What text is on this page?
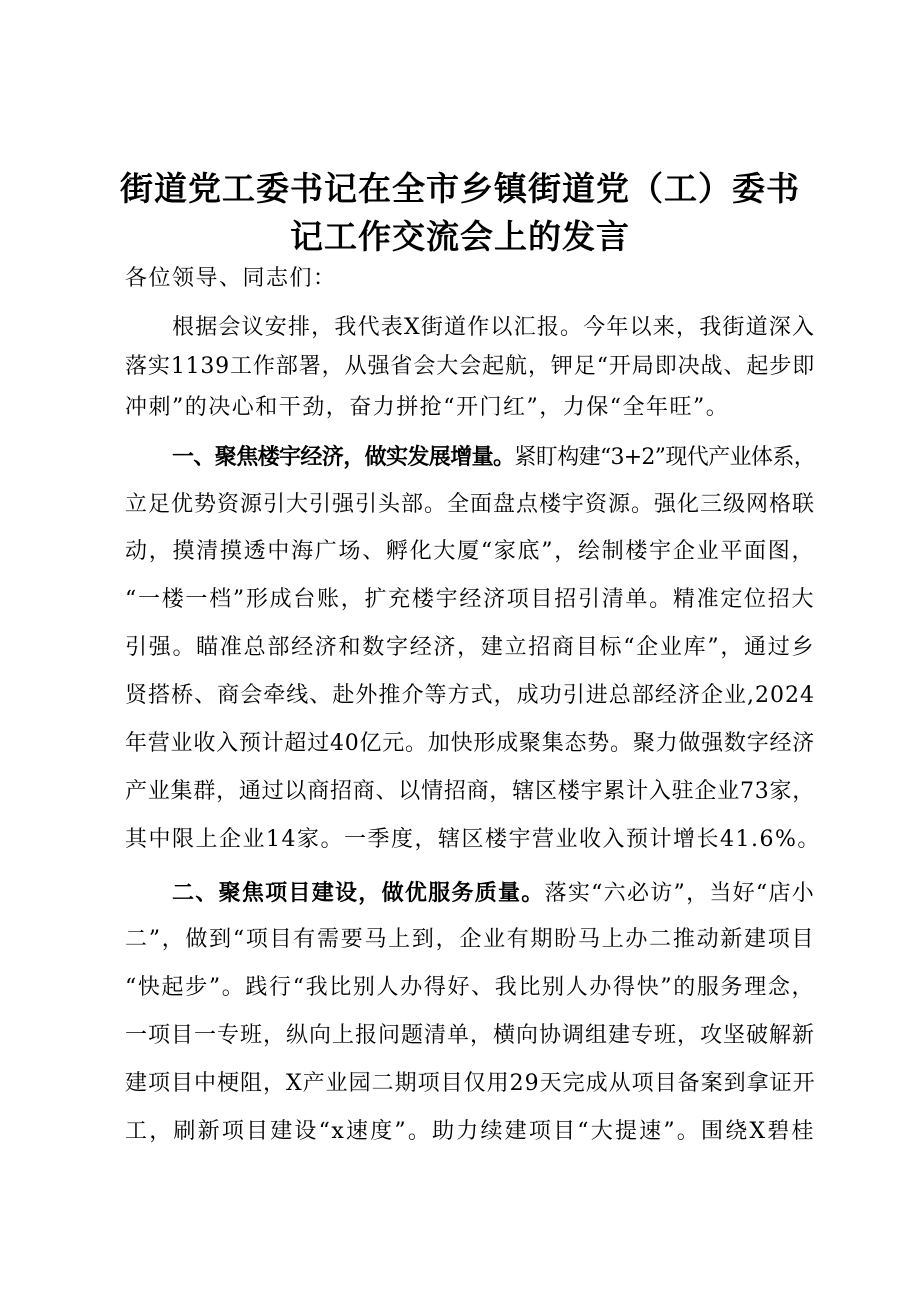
街道党工委书记在全市乡镇街道党（工）委书
记工作交流会上的发言
各位领导、同志们：
根据会议安排，我代表X街道作以汇报。今年以来，我街道深入
落实1139工作部署，从强省会大会起航，钾足“开局即决战、起步即
冲刺”的决心和干劲，奋力拼抢“开门红”，力保“全年旺”。
一、聚焦楼宇经济，做实发展增量。紧盯构建“3+2”现代产业体系，
立足优势资源引大引强引头部。全面盘点楼宇资源。强化三级网格联
动，摸清摸透中海广场、孵化大厦“家底”，绘制楼宇企业平面图，
“一楼一档”形成台账，扩充楼宇经济项目招引清单。精准定位招大
引强。瞄准总部经济和数字经济，建立招商目标“企业库”，通过乡
贤搭桥、商会牵线、赴外推介等方式，成功引进总部经济企业,2024
年营业收入预计超过40亿元。加快形成聚集态势。聚力做强数字经济
产业集群，通过以商招商、以情招商，辖区楼宇累计入驻企业73家，
其中限上企业14家。一季度，辖区楼宇营业收入预计增长41.6%。
二、聚焦项目建设，做优服务质量。落实“六必访”，当好“店小
二”，做到“项目有需要马上到，企业有期盼马上办二推动新建项目
“快起步”。践行“我比别人办得好、我比别人办得快”的服务理念，
一项目一专班，纵向上报问题清单，横向协调组建专班，攻坚破解新
建项目中梗阻，X产业园二期项目仅用29天完成从项目备案到拿证开
工，刷新项目建设“x速度”。助力续建项目“大提速”。围绕X碧桂
